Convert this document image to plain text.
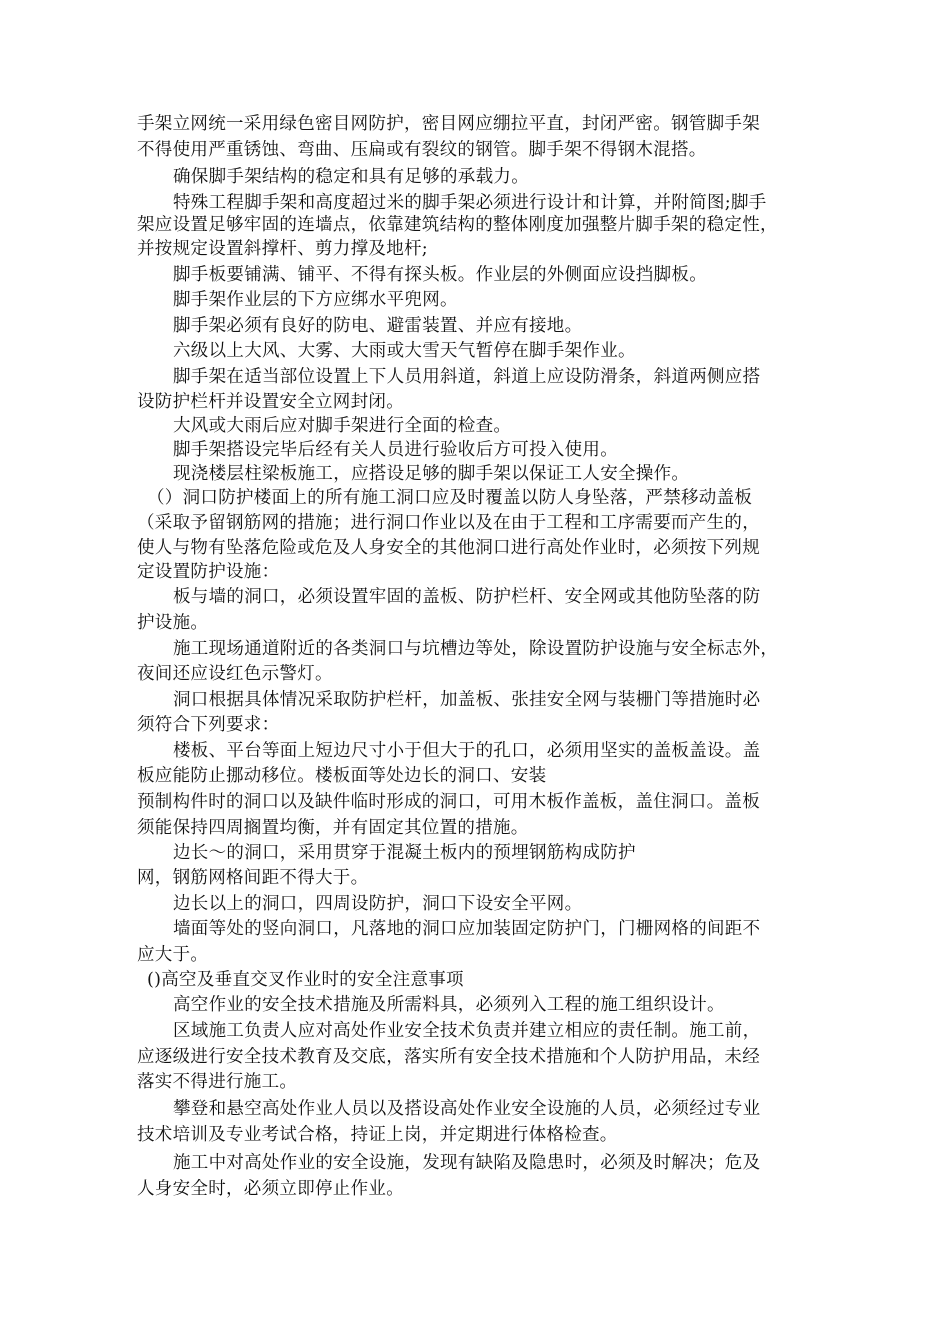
手架立网统一采用绿色密目网防护，密目网应绷拉平直，封闭严密。钢管脚手架

不得使用严重锈蚀、弯曲、压扁或有裂纹的钢管。脚手架不得钢木混搭。

确保脚手架结构的稳定和具有足够的承载力。

特殊工程脚手架和高度超过米的脚手架必须进行设计和计算，并附简图;脚手

架应设置足够牢固的连墙点，依靠建筑结构的整体刚度加强整片脚手架的稳定性，

并按规定设置斜撑杆、剪力撑及地杆;

脚手板要铺满、铺平、不得有探头板。作业层的外侧面应设挡脚板。

脚手架作业层的下方应绑水平兜网。

脚手架必须有良好的防电、避雷装置、并应有接地。

六级以上大风、大雾、大雨或大雪天气暂停在脚手架作业。

脚手架在适当部位设置上下人员用斜道，斜道上应设防滑条，斜道两侧应搭

设防护栏杆并设置安全立网封闭。

大风或大雨后应对脚手架进行全面的检查。

脚手架搭设完毕后经有关人员进行验收后方可投入使用。

现浇楼层柱梁板施工，应搭设足够的脚手架以保证工人安全操作。

（）洞口防护楼面上的所有施工洞口应及时覆盖以防人身坠落，严禁移动盖板

（采取予留钢筋网的措施；进行洞口作业以及在由于工程和工序需要而产生的，

使人与物有坠落危险或危及人身安全的其他洞口进行高处作业时，必须按下列规

定设置防护设施：

板与墙的洞口，必须设置牢固的盖板、防护栏杆、安全网或其他防坠落的防

护设施。

施工现场通道附近的各类洞口与坑槽边等处，除设置防护设施与安全标志外，

夜间还应设红色示警灯。

洞口根据具体情况采取防护栏杆，加盖板、张挂安全网与装栅门等措施时必

须符合下列要求：

楼板、平台等面上短边尺寸小于但大于的孔口，必须用坚实的盖板盖设。盖

板应能防止挪动移位。楼板面等处边长的洞口、安装

预制构件时的洞口以及缺件临时形成的洞口，可用木板作盖板，盖住洞口。盖板

须能保持四周搁置均衡，并有固定其位置的措施。

边长〜的洞口，采用贯穿于混凝土板内的预埋钢筋构成防护

网，钢筋网格间距不得大于。

边长以上的洞口，四周设防护，洞口下设安全平网。

墙面等处的竖向洞口，凡落地的洞口应加装固定防护门，门栅网格的间距不

应大于。

()高空及垂直交叉作业时的安全注意事项

高空作业的安全技术措施及所需料具，必须列入工程的施工组织设计。

区域施工负责人应对高处作业安全技术负责并建立相应的责任制。施工前，

应逐级进行安全技术教育及交底，落实所有安全技术措施和个人防护用品，未经

落实不得进行施工。

攀登和悬空高处作业人员以及搭设高处作业安全设施的人员，必须经过专业

技术培训及专业考试合格，持证上岗，并定期进行体格检查。

施工中对高处作业的安全设施，发现有缺陷及隐患时，必须及时解决；危及

人身安全时，必须立即停止作业。
